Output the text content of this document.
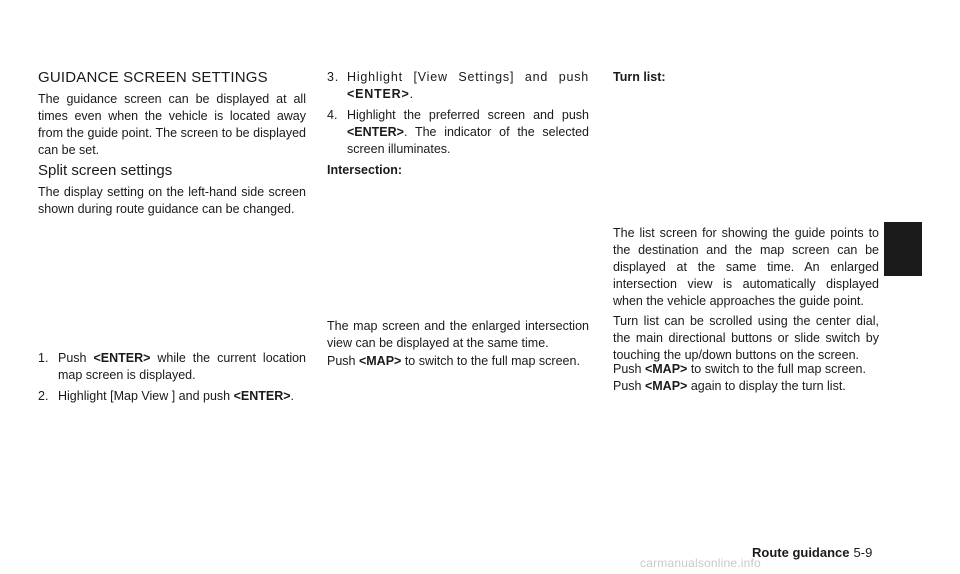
GUIDANCE SCREEN SETTINGS

The guidance screen can be displayed at all times even when the vehicle is located away from the guide point. The screen to be displayed can be set.

Split screen settings

The display setting on the left-hand side screen shown during route guidance can be changed.

1. Push <ENTER> while the current location map screen is displayed.
2. Highlight [Map View ] and push <ENTER>.
3. Highlight [View Settings] and push <ENTER>.
4. Highlight the preferred screen and push <ENTER>. The indicator of the selected screen illuminates.
Intersection:

The map screen and the enlarged intersection view can be displayed at the same time.

Push <MAP> to switch to the full map screen.

Turn list:

The list screen for showing the guide points to the destination and the map screen can be displayed at the same time. An enlarged intersection view is automatically displayed when the vehicle approaches the guide point.

Turn list can be scrolled using the center dial, the main directional buttons or slide switch by touching the up/down buttons on the screen.

Push <MAP> to switch to the full map screen.
Push <MAP> again to display the turn list.

Route guidance 5-9
carmanualsonline.info
